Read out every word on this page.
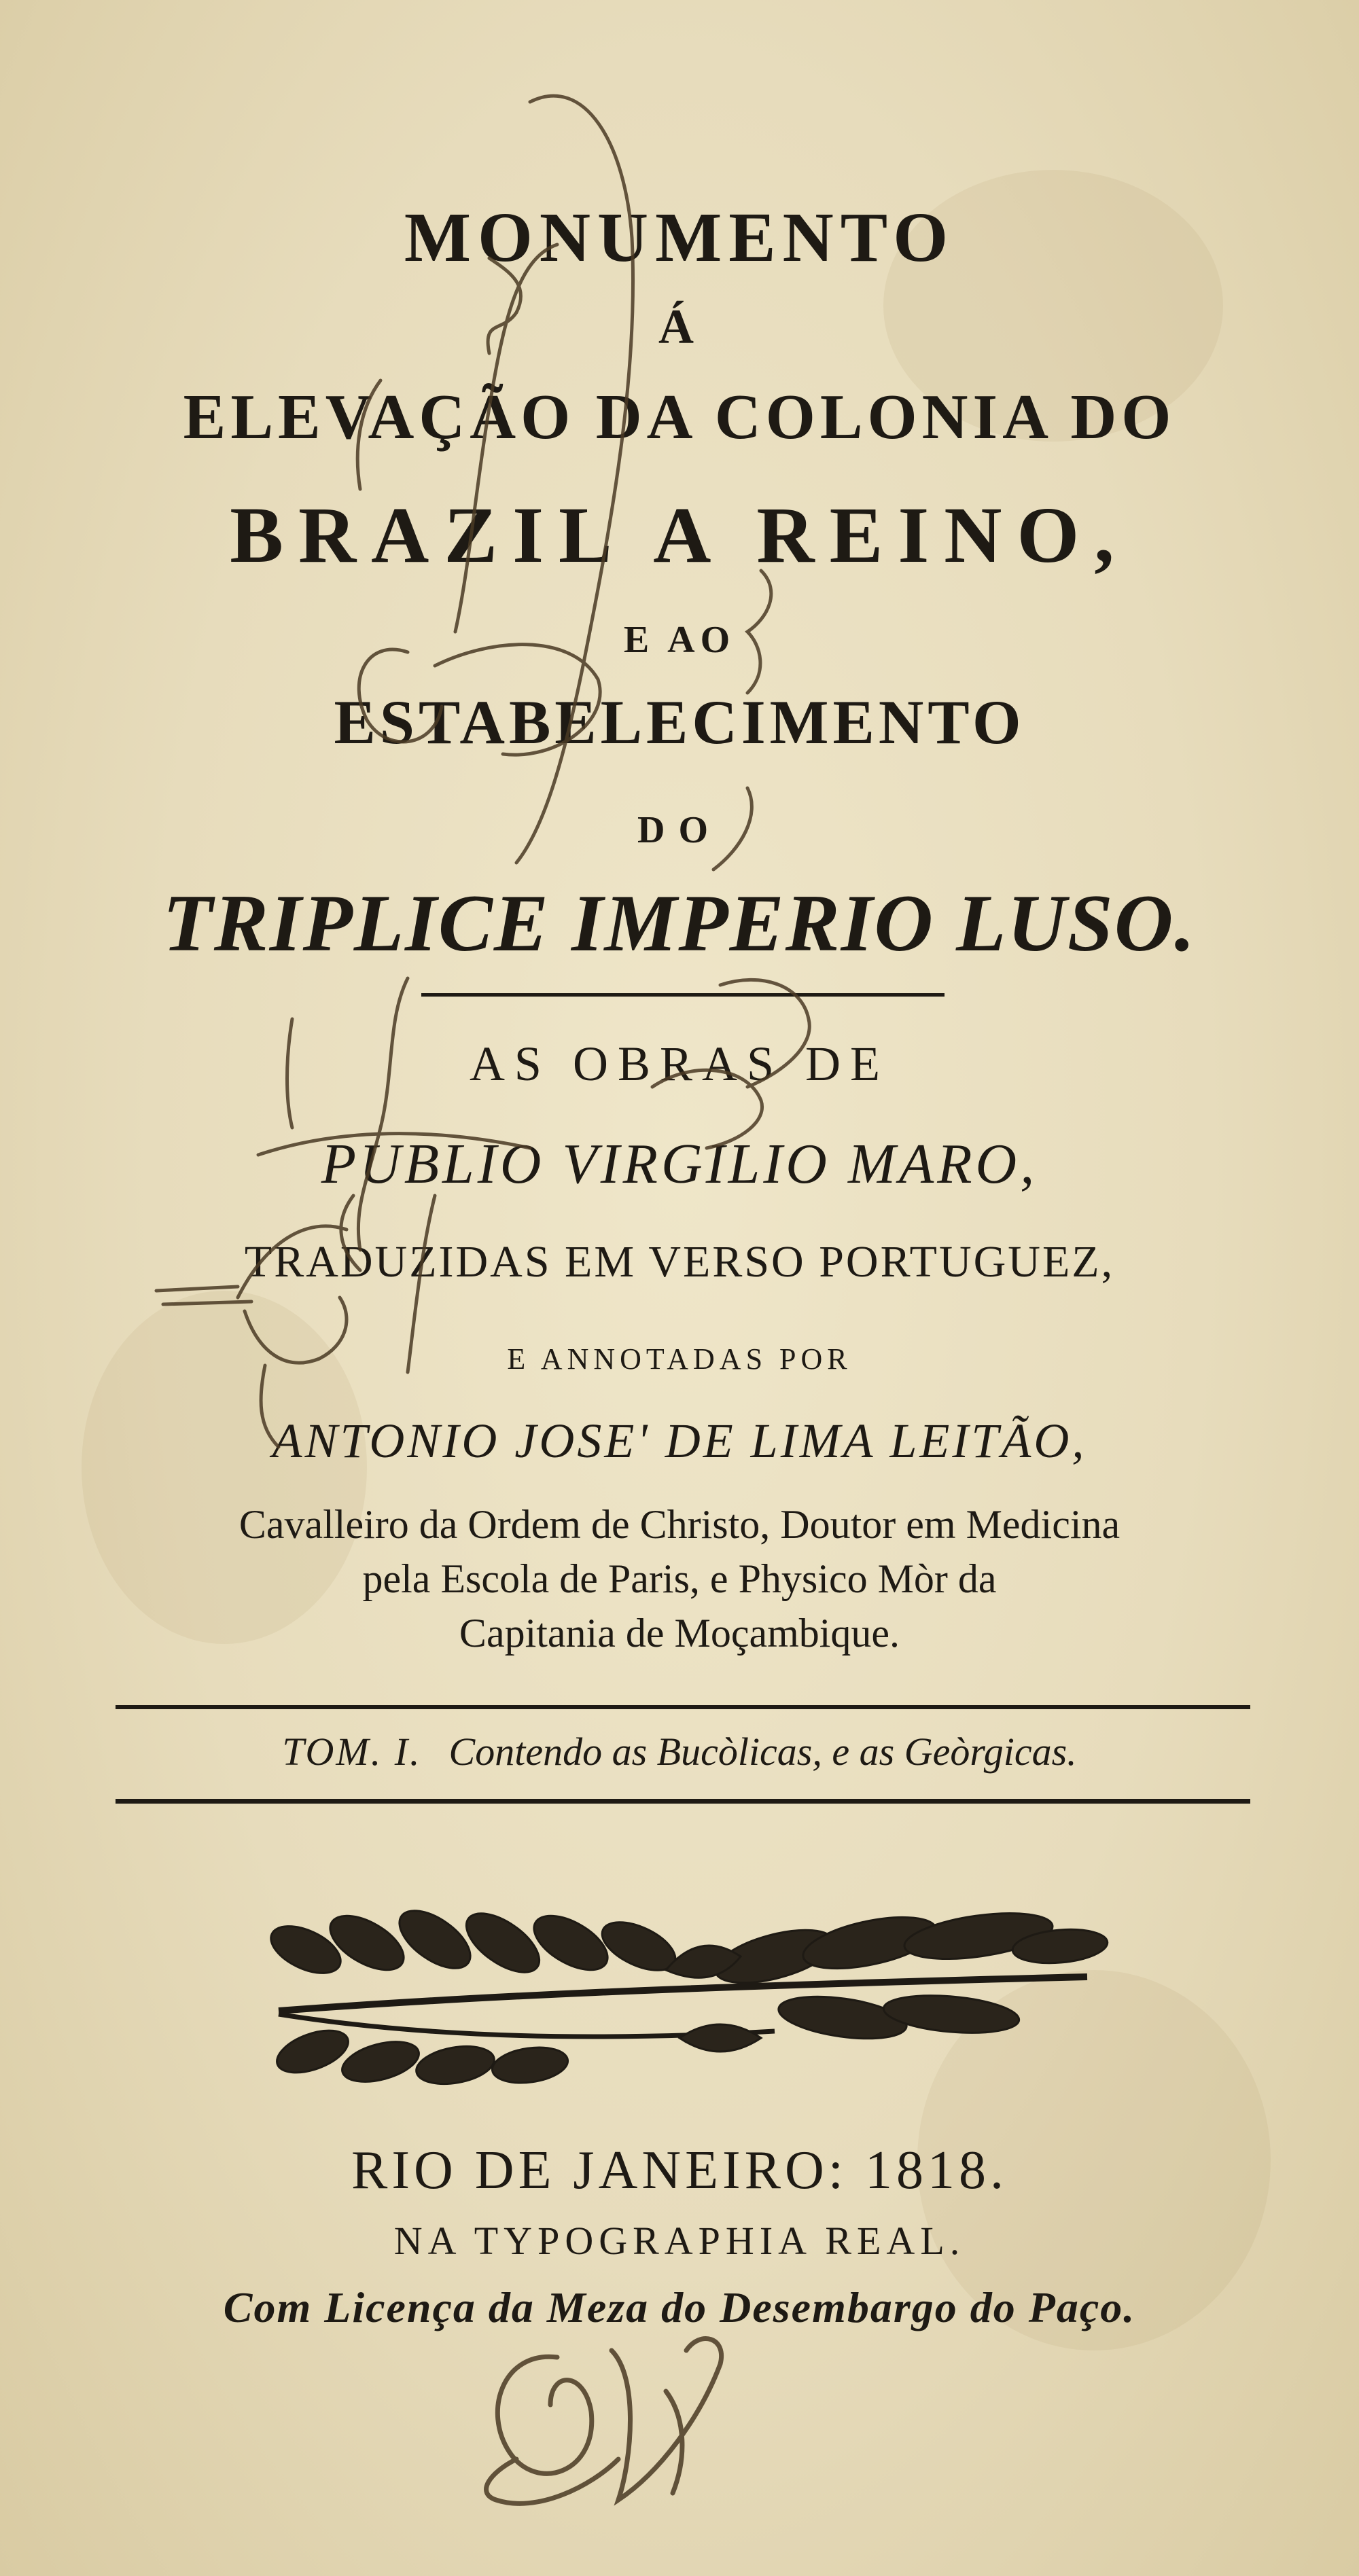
MONUMENTO
Á
ELEVAÇÃO DA COLONIA DO
BRAZIL A REINO,
E AO
ESTABELECIMENTO
DO
TRIPLICE IMPERIO LUSO.
AS OBRAS DE
PUBLIO VIRGILIO MARO,
TRADUZIDAS EM VERSO PORTUGUEZ,
E ANNOTADAS POR
ANTONIO JOSE' DE LIMA LEITÃO,
Cavalleiro da Ordem de Christo, Doutor em Medicina
pela Escola de Paris, e Physico Mòr da
Capitania de Moçambique.
TOM. I. Contendo as Bucòlicas, e as Geòrgicas.
RIO DE JANEIRO: 1818.
NA TYPOGRAPHIA REAL.
Com Licença da Meza do Desembargo do Paço.
